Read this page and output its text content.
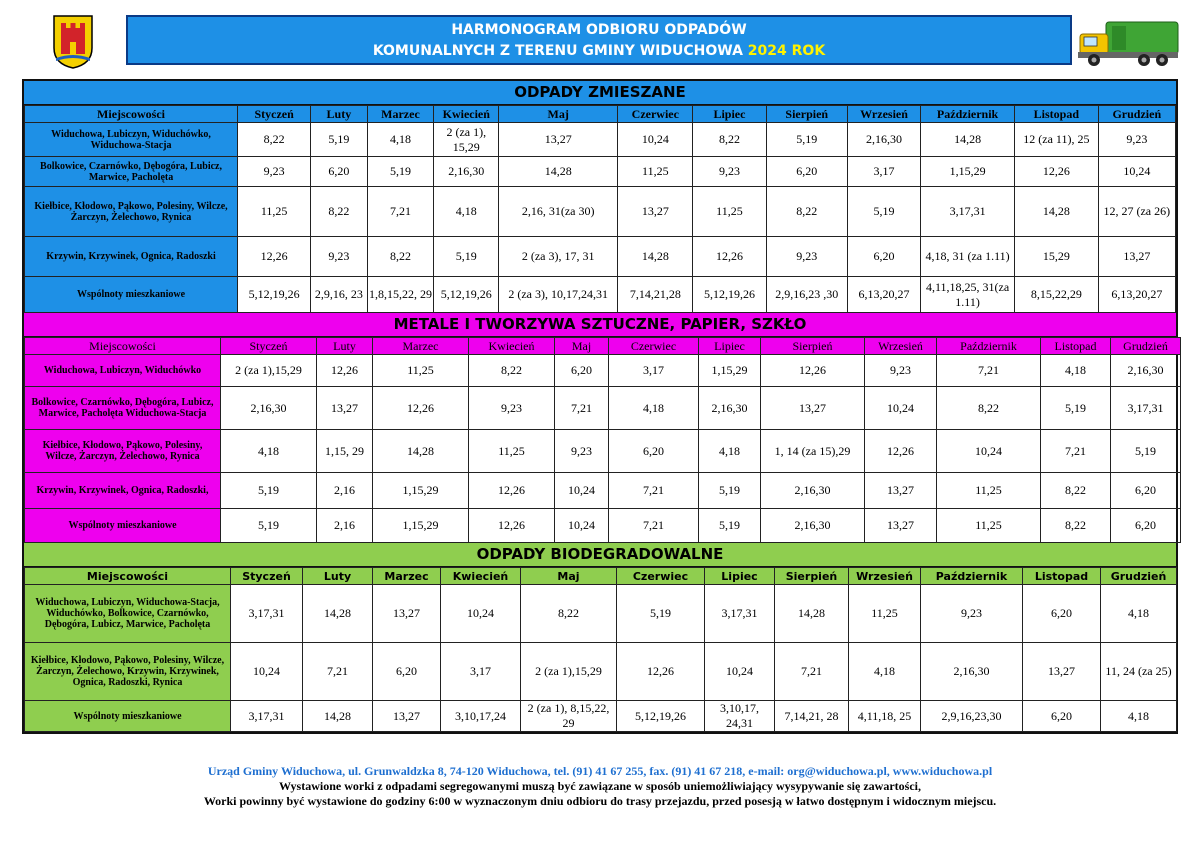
HARMONOGRAM ODBIORU ODPADÓW
KOMUNALNYCH Z TERENU GMINY WIDUCHOWA 2024 ROK
ODPADY ZMIESZANE
Miejscowości	Styczeń	Luty	Marzec	Kwiecień	Maj	Czerwiec	Lipiec	Sierpień	Wrzesień	Październik	Listopad	Grudzień
Widuchowa, Lubiczyn, Widuchówko, Widuchowa-Stacja	8,22	5,19	4,18	2 (za 1), 15,29	13,27	10,24	8,22	5,19	2,16,30	14,28	12 (za 11), 25	9,23
Bolkowice, Czarnówko, Dębogóra, Lubicz, Marwice, Pacholęta	9,23	6,20	5,19	2,16,30	14,28	11,25	9,23	6,20	3,17	1,15,29	12,26	10,24
Kiełbice, Kłodowo, Pąkowo, Polesiny, Wilcze, Żarczyn, Żelechowo, Rynica	11,25	8,22	7,21	4,18	2,16, 31(za 30)	13,27	11,25	8,22	5,19	3,17,31	14,28	12, 27 (za 26)
Krzywin, Krzywinek, Ognica, Radoszki	12,26	9,23	8,22	5,19	2 (za 3), 17, 31	14,28	12,26	9,23	6,20	4,18, 31 (za 1.11)	15,29	13,27
Wspólnoty mieszkaniowe	5,12,19,26	2,9,16, 23	1,8,15,22, 29	5,12,19,26	2 (za 3), 10,17,24,31	7,14,21,28	5,12,19,26	2,9,16,23 ,30	6,13,20,27	4,11,18,25, 31(za 1.11)	8,15,22,29	6,13,20,27
METALE I TWORZYWA SZTUCZNE, PAPIER, SZKŁO
Miejscowości	Styczeń	Luty	Marzec	Kwiecień	Maj	Czerwiec	Lipiec	Sierpień	Wrzesień	Październik	Listopad	Grudzień
Widuchowa, Lubiczyn, Widuchówko	2 (za 1),15,29	12,26	11,25	8,22	6,20	3,17	1,15,29	12,26	9,23	7,21	4,18	2,16,30
Bolkowice, Czarnówko, Dębogóra, Lubicz, Marwice, Pacholęta Widuchowa-Stacja	2,16,30	13,27	12,26	9,23	7,21	4,18	2,16,30	13,27	10,24	8,22	5,19	3,17,31
Kiełbice, Kłodowo, Pąkowo, Polesiny, Wilcze, Żarczyn, Żelechowo, Rynica	4,18	1,15, 29	14,28	11,25	9,23	6,20	4,18	1, 14 (za 15),29	12,26	10,24	7,21	5,19
Krzywin, Krzywinek, Ognica, Radoszki,	5,19	2,16	1,15,29	12,26	10,24	7,21	5,19	2,16,30	13,27	11,25	8,22	6,20
Wspólnoty mieszkaniowe	5,19	2,16	1,15,29	12,26	10,24	7,21	5,19	2,16,30	13,27	11,25	8,22	6,20
ODPADY BIODEGRADOWALNE
Miejscowości	Styczeń	Luty	Marzec	Kwiecień	Maj	Czerwiec	Lipiec	Sierpień	Wrzesień	Październik	Listopad	Grudzień
Widuchowa, Lubiczyn, Widuchowa-Stacja, Widuchówko, Bolkowice, Czarnówko, Dębogóra, Lubicz, Marwice, Pacholęta	3,17,31	14,28	13,27	10,24	8,22	5,19	3,17,31	14,28	11,25	9,23	6,20	4,18
Kiełbice, Kłodowo, Pąkowo, Polesiny, Wilcze, Żarczyn, Żelechowo, Krzywin, Krzywinek, Ognica, Radoszki, Rynica	10,24	7,21	6,20	3,17	2 (za 1),15,29	12,26	10,24	7,21	4,18	2,16,30	13,27	11, 24 (za 25)
Wspólnoty mieszkaniowe	3,17,31	14,28	13,27	3,10,17,24	2 (za 1), 8,15,22, 29	5,12,19,26	3,10,17, 24,31	7,14,21, 28	4,11,18, 25	2,9,16,23,30	6,20	4,18
Urząd Gminy Widuchowa, ul. Grunwaldzka 8, 74-120 Widuchowa, tel. (91) 41 67 255, fax. (91) 41 67 218, e-mail: org@widuchowa.pl, www.widuchowa.pl
Wystawione worki z odpadami segregowanymi muszą być zawiązane w sposób uniemożliwiający wysypywanie się zawartości,
Worki powinny być wystawione do godziny 6:00 w wyznaczonym dniu odbioru do trasy przejazdu, przed posesją w łatwo dostępnym i widocznym miejscu.
